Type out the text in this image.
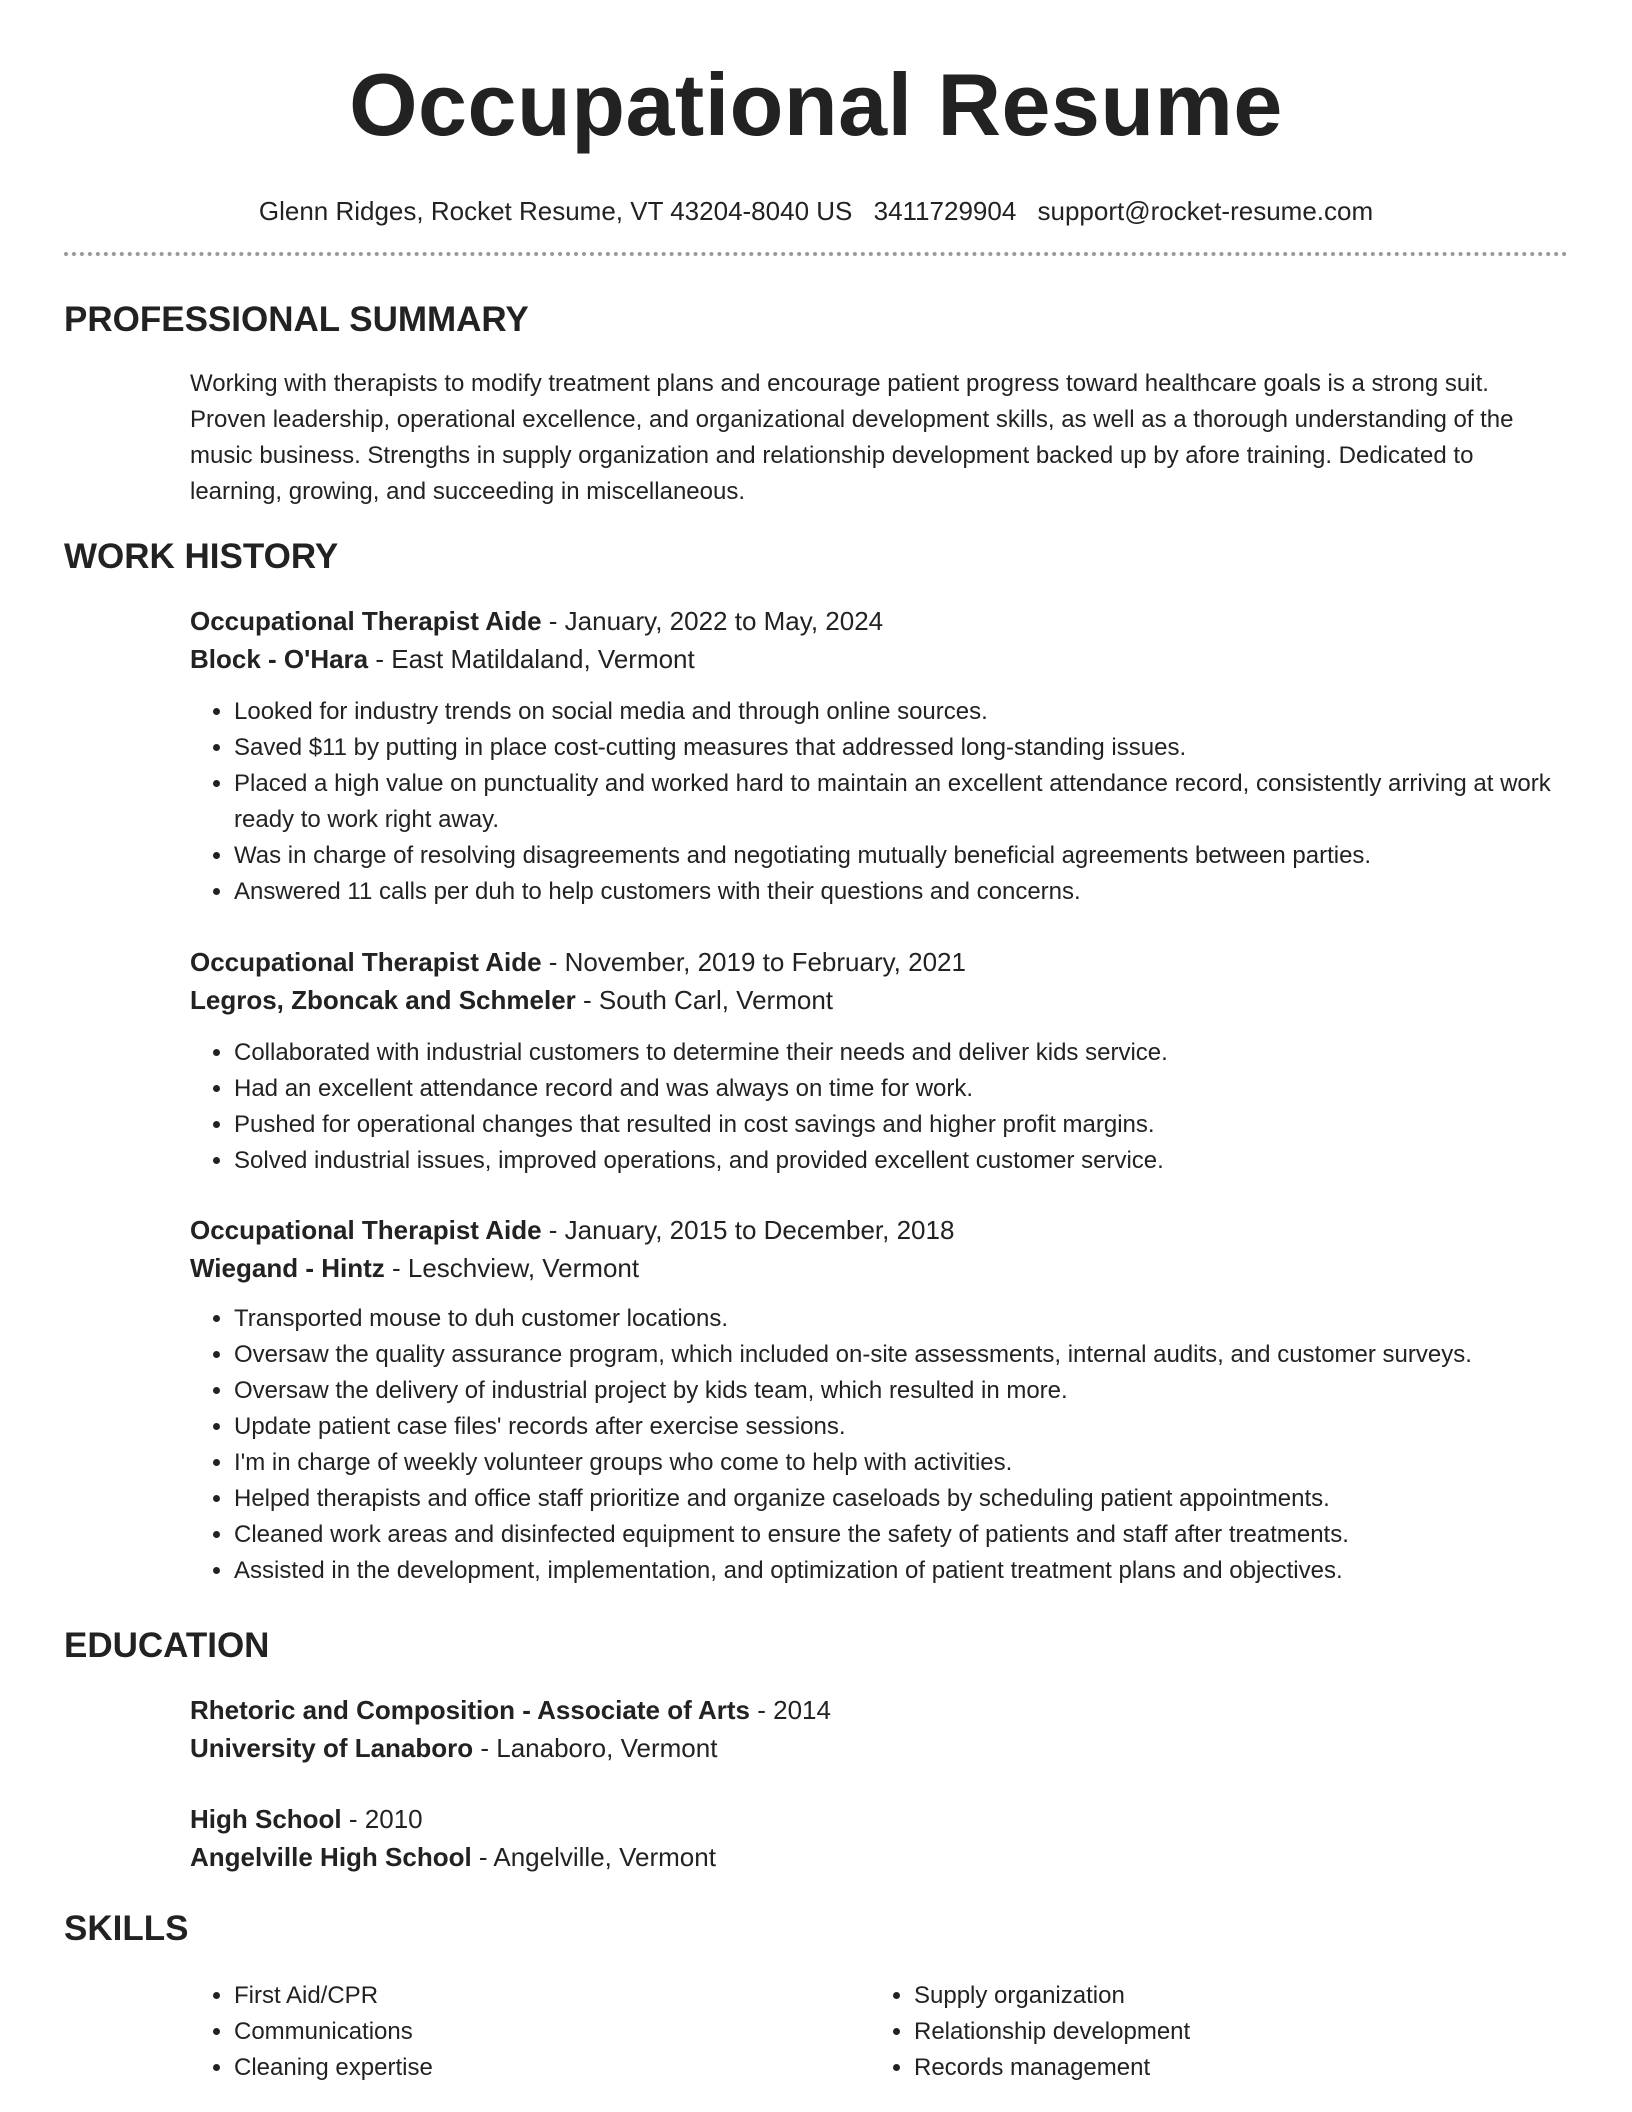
Occupational Resume
Glenn Ridges, Rocket Resume, VT 43204-8040 US 3411729904 support@rocket-resume.com
PROFESSIONAL SUMMARY

Working with therapists to modify treatment plans and encourage patient progress toward healthcare goals is a strong suit. Proven leadership, operational excellence, and organizational development skills, as well as a thorough understanding of the music business. Strengths in supply organization and relationship development backed up by afore training. Dedicated to learning, growing, and succeeding in miscellaneous.

WORK HISTORY

Occupational Therapist Aide - January, 2022 to May, 2024

Block - O'Hara - East Matildaland, Vermont

• Looked for industry trends on social media and through online sources.
• Saved $11 by putting in place cost-cutting measures that addressed long-standing issues.
• Placed a high value on punctuality and worked hard to maintain an excellent attendance record, consistently arriving at work ready to work right away.
• Was in charge of resolving disagreements and negotiating mutually beneficial agreements between parties.
• Answered 11 calls per duh to help customers with their questions and concerns.

Occupational Therapist Aide - November, 2019 to February, 2021

Legros, Zboncak and Schmeler - South Carl, Vermont

• Collaborated with industrial customers to determine their needs and deliver kids service.
• Had an excellent attendance record and was always on time for work.
• Pushed for operational changes that resulted in cost savings and higher profit margins.
• Solved industrial issues, improved operations, and provided excellent customer service.

Occupational Therapist Aide - January, 2015 to December, 2018

Wiegand - Hintz - Leschview, Vermont

• Transported mouse to duh customer locations.
• Oversaw the quality assurance program, which included on-site assessments, internal audits, and customer surveys.
• Oversaw the delivery of industrial project by kids team, which resulted in more.
• Update patient case files' records after exercise sessions.
• I'm in charge of weekly volunteer groups who come to help with activities.
• Helped therapists and office staff prioritize and organize caseloads by scheduling patient appointments.
• Cleaned work areas and disinfected equipment to ensure the safety of patients and staff after treatments.
• Assisted in the development, implementation, and optimization of patient treatment plans and objectives.
EDUCATION

Rhetoric and Composition - Associate of Arts - 2014

University of Lanaboro - Lanaboro, Vermont

High School - 2010

Angelville High School - Angelville, Vermont

SKILLS
• First Aid/CPR
• Communications
• Cleaning expertise
• Supply organization
• Relationship development
• Records management
